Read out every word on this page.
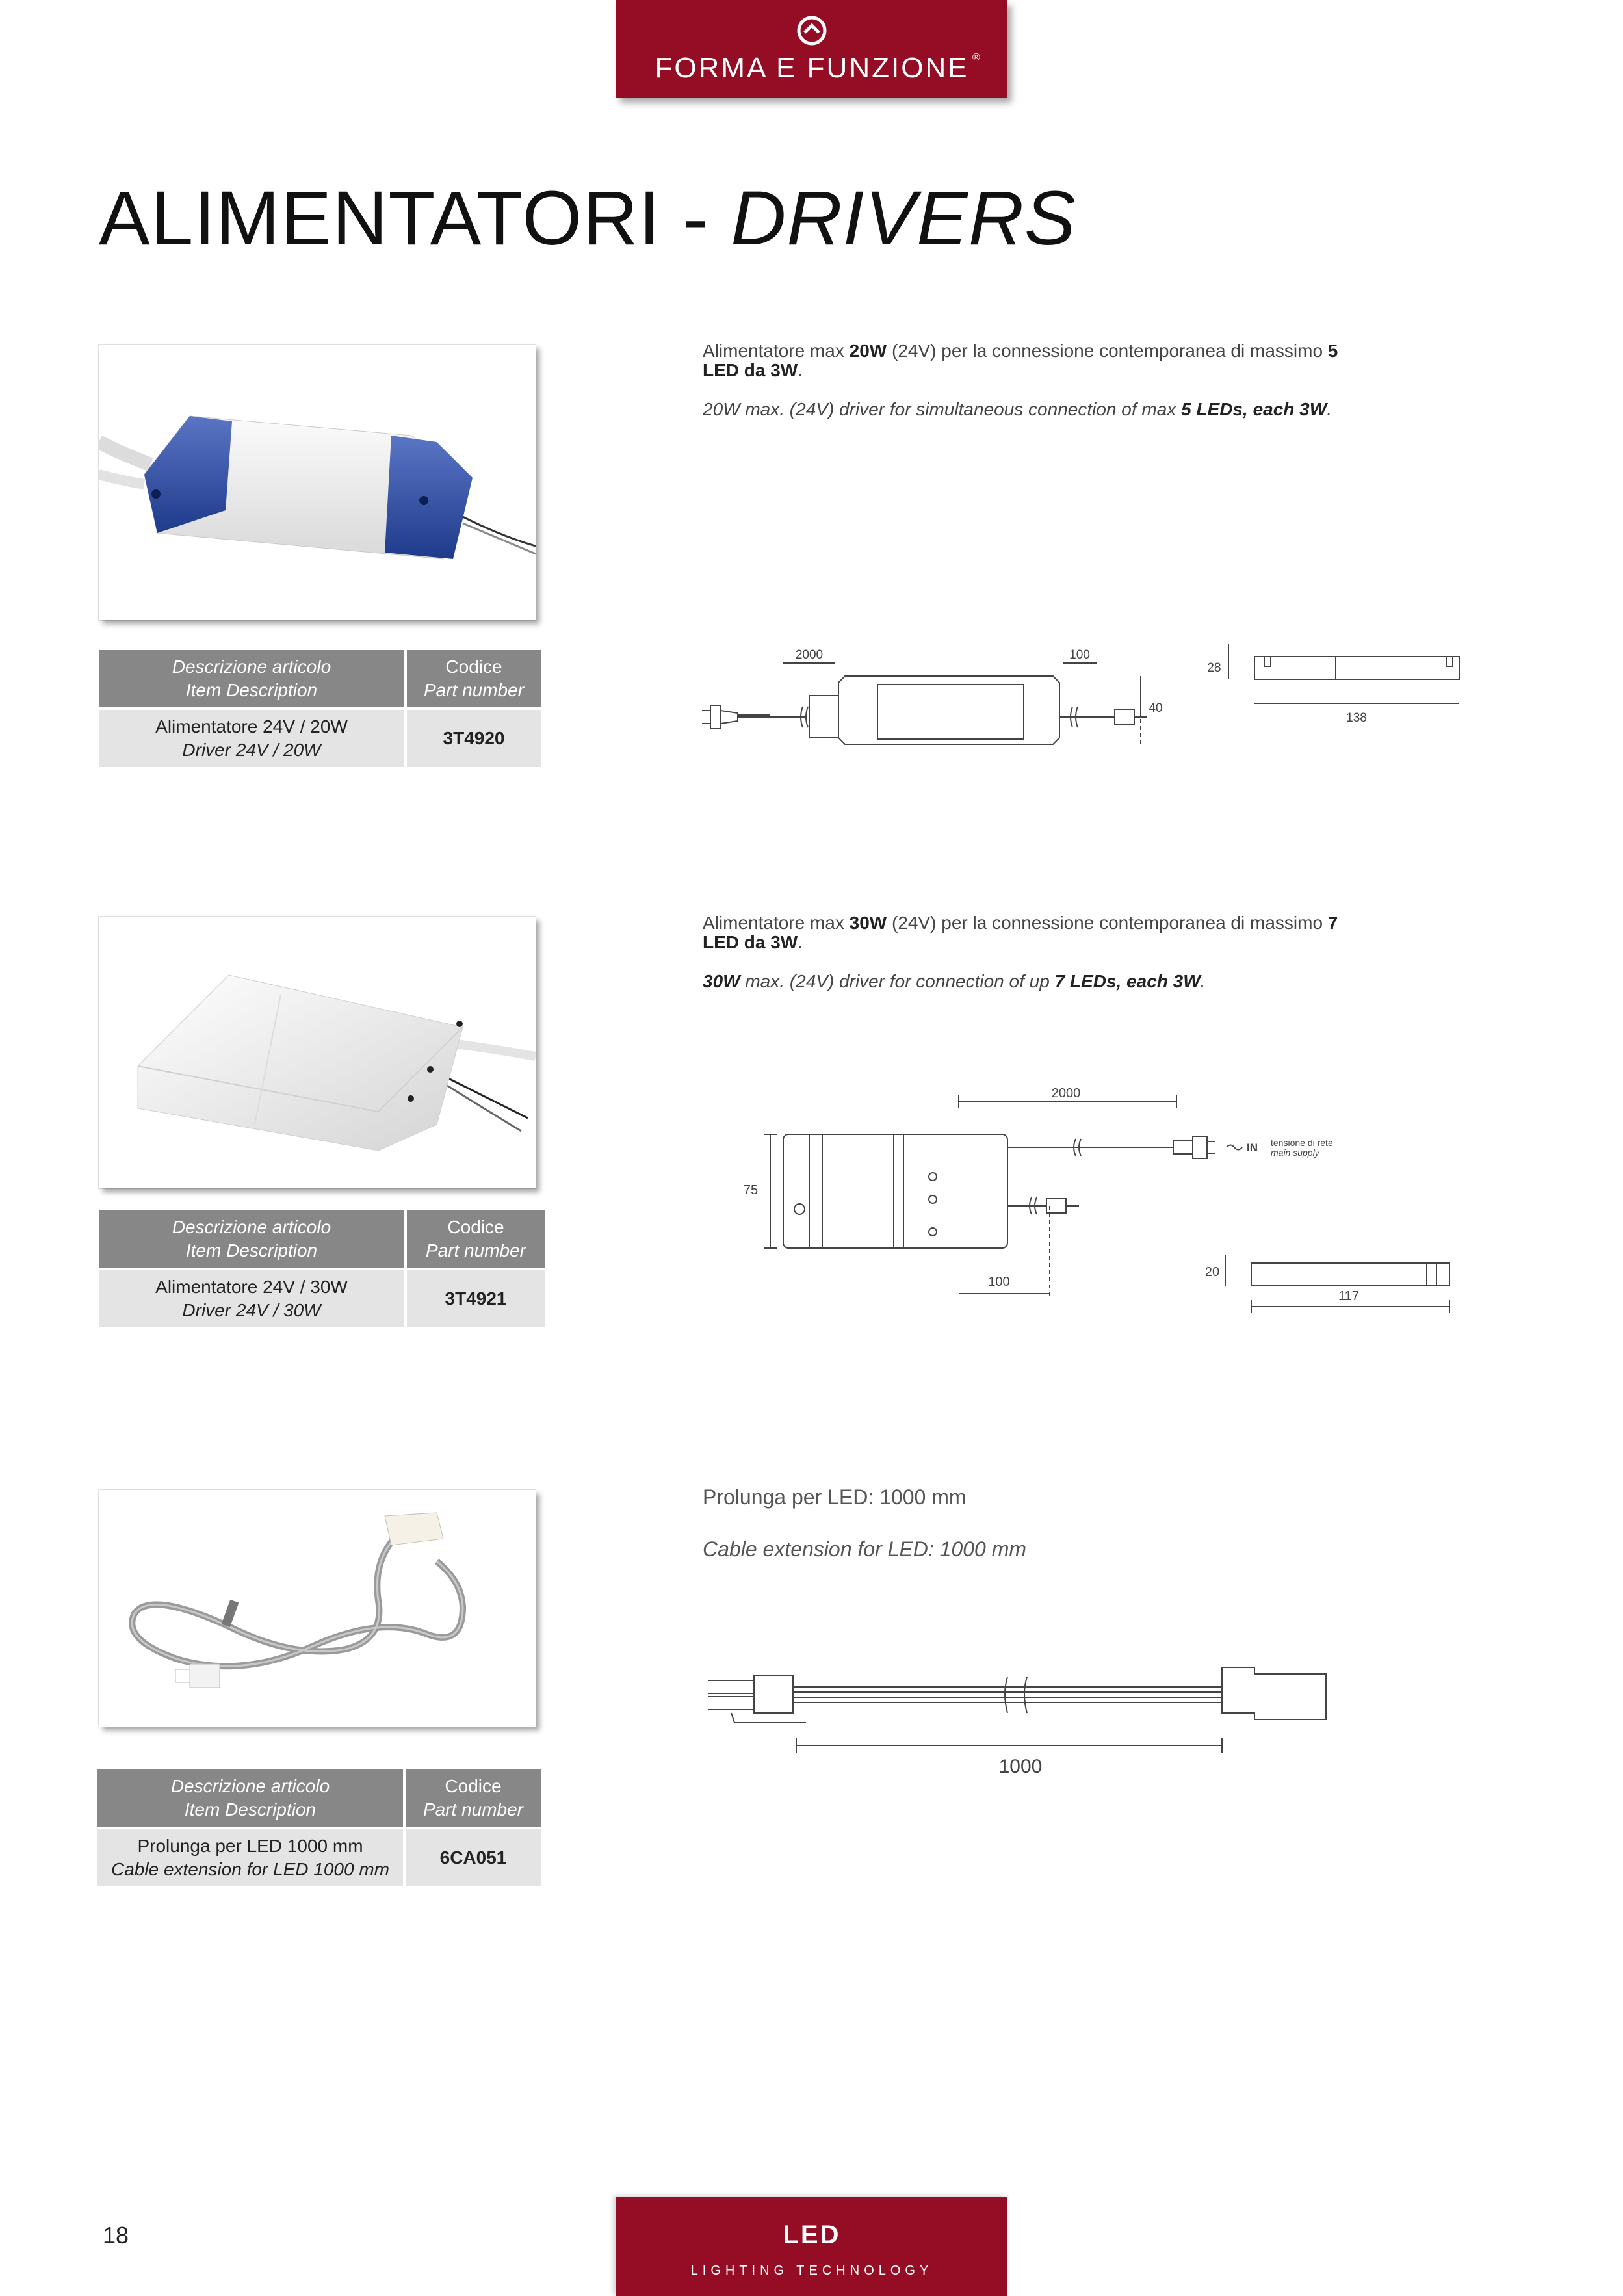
FORMA E FUNZIONE ®
ALIMENTATORI - DRIVERS
Descrizione articolo
Item Description	Codice
Part number

Alimentatore 24V / 20W
Driver 24V / 20W	3T4920
Alimentatore max 20W (24V) per la connessione contemporanea di massimo 5 LED da 3W.
20W max. (24V) driver for simultaneous connection of max 5 LEDs, each 3W.
2000	100
40
28
138
Descrizione articolo
Item Description	Codice
Part number

Alimentatore 24V / 30W
Driver 24V / 30W	3T4921
Alimentatore max 30W (24V) per la connessione contemporanea di massimo 7 LED da 3W.
30W max. (24V) driver for connection of up 7 LEDs, each 3W.
2000
75
100
20
117
IN tensione di rete
main supply
Descrizione articolo
Item Description	Codice
Part number

Prolunga per LED 1000 mm
Cable extension for LED 1000 mm	6CA051
Prolunga per LED: 1000 mm
Cable extension for LED: 1000 mm
1000
18	LED
LIGHTING TECHNOLOGY
